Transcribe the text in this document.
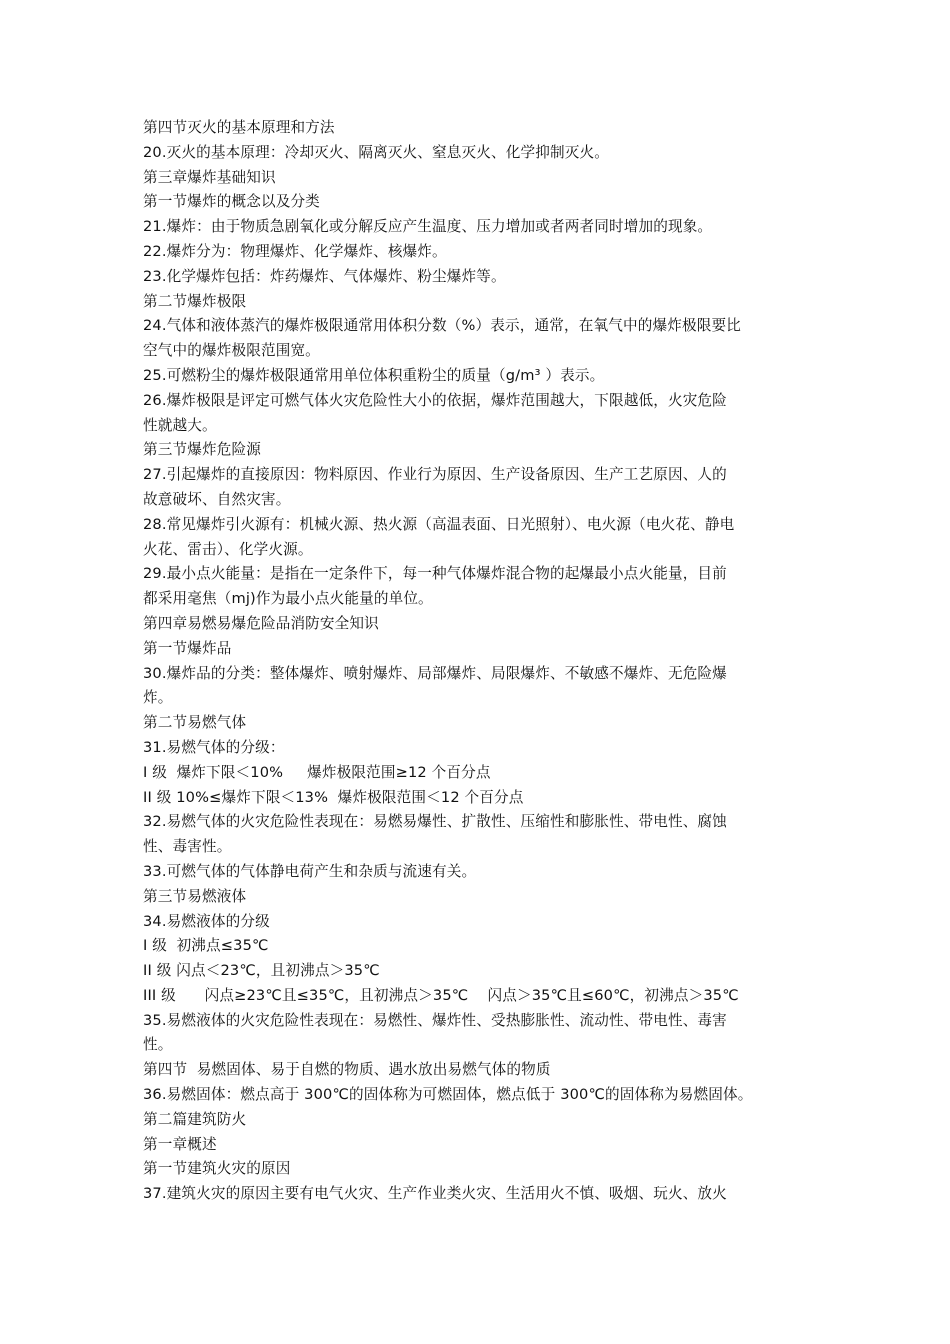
第四节灭火的基本原理和方法
20.灭火的基本原理：冷却灭火、隔离灭火、窒息灭火、化学抑制灭火。
第三章爆炸基础知识
第一节爆炸的概念以及分类
21.爆炸：由于物质急剧氧化或分解反应产生温度、压力增加或者两者同时增加的现象。
22.爆炸分为：物理爆炸、化学爆炸、核爆炸。
23.化学爆炸包括：炸药爆炸、气体爆炸、粉尘爆炸等。
第二节爆炸极限
24.气体和液体蒸汽的爆炸极限通常用体积分数（%）表示，通常，在氧气中的爆炸极限要比
空气中的爆炸极限范围宽。
25.可燃粉尘的爆炸极限通常用单位体积重粉尘的质量（g/m³ ）表示。
26.爆炸极限是评定可燃气体火灾危险性大小的依据，爆炸范围越大，下限越低，火灾危险
性就越大。
第三节爆炸危险源
27.引起爆炸的直接原因：物料原因、作业行为原因、生产设备原因、生产工艺原因、人的
故意破坏、自然灾害。
28.常见爆炸引火源有：机械火源、热火源（高温表面、日光照射）、电火源（电火花、静电
火花、雷击）、化学火源。
29.最小点火能量：是指在一定条件下，每一种气体爆炸混合物的起爆最小点火能量，目前
都采用毫焦（mj)作为最小点火能量的单位。
第四章易燃易爆危险品消防安全知识
第一节爆炸品
30.爆炸品的分类：整体爆炸、喷射爆炸、局部爆炸、局限爆炸、不敏感不爆炸、无危险爆
炸。
第二节易燃气体
31.易燃气体的分级：
I 级  爆炸下限＜10%     爆炸极限范围≥12 个百分点
II 级 10%≤爆炸下限＜13%  爆炸极限范围＜12 个百分点
32.易燃气体的火灾危险性表现在：易燃易爆性、扩散性、压缩性和膨胀性、带电性、腐蚀
性、毒害性。
33.可燃气体的气体静电荷产生和杂质与流速有关。
第三节易燃液体
34.易燃液体的分级
I 级  初沸点≤35℃
II 级 闪点＜23℃，且初沸点＞35℃
III 级      闪点≥23℃且≤35℃，且初沸点＞35℃    闪点＞35℃且≤60℃，初沸点＞35℃
35.易燃液体的火灾危险性表现在：易燃性、爆炸性、受热膨胀性、流动性、带电性、毒害
性。
第四节  易燃固体、易于自燃的物质、遇水放出易燃气体的物质
36.易燃固体：燃点高于 300℃的固体称为可燃固体，燃点低于 300℃的固体称为易燃固体。
第二篇建筑防火
第一章概述
第一节建筑火灾的原因
37.建筑火灾的原因主要有电气火灾、生产作业类火灾、生活用火不慎、吸烟、玩火、放火
